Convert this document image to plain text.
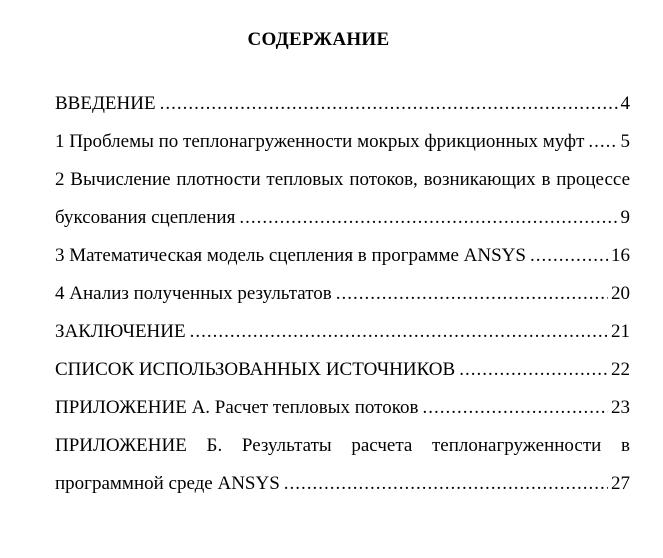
СОДЕРЖАНИЕ
ВВЕДЕНИЕ .....	4
1 Проблемы по теплонагруженности мокрых фрикционных муфт ..... 5
2 Вычисление плотности тепловых потоков, возникающих в процессе
буксования сцепления .....	9
3 Математическая модель сцепления в программе ANSYS .....	16
4 Анализ полученных результатов .....	20
ЗАКЛЮЧЕНИЕ .....	21
СПИСОК ИСПОЛЬЗОВАННЫХ ИСТОЧНИКОВ .....	22
ПРИЛОЖЕНИЕ А. Расчет тепловых потоков .....	23
ПРИЛОЖЕНИЕ Б. Результаты расчета теплонагруженности в
программной среде ANSYS .....	27
